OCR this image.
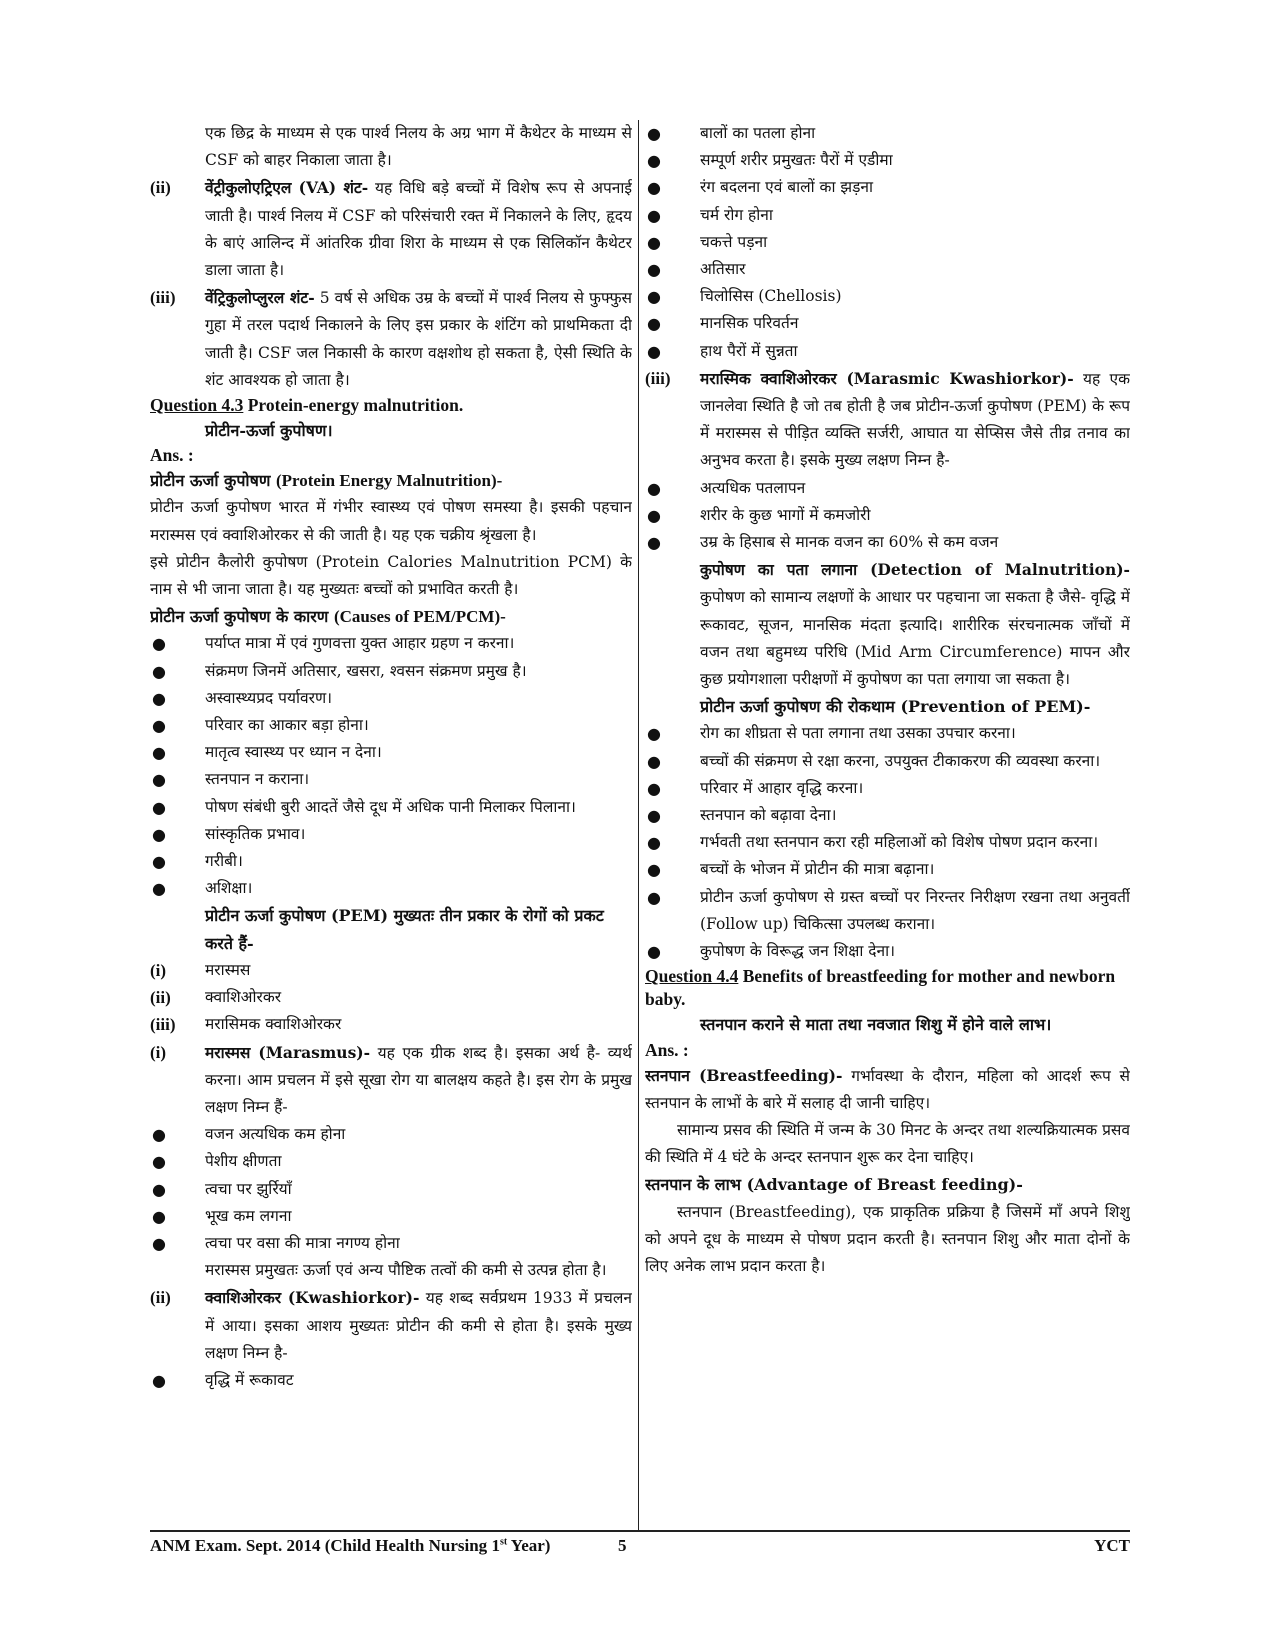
एक छिद्र के माध्यम से एक पार्श्व निलय के अग्र भाग में कैथेटर के माध्यम से CSF को बाहर निकाला जाता है।

(ii) वेंट्रीकुलोएट्रिएल (VA) शंट- यह विधि बड़े बच्चों में विशेष रूप से अपनाई जाती है। पार्श्व निलय में CSF को परिसंचारी रक्त में निकालने के लिए, हृदय के बाएं आलिन्द में आंतरिक ग्रीवा शिरा के माध्यम से एक सिलिकॉन कैथेटर डाला जाता है।
(iii) वेंट्रिकुलोप्लुरल शंट- 5 वर्ष से अधिक उम्र के बच्चों में पार्श्व निलय से फुफ्फुस गुहा में तरल पदार्थ निकालने के लिए इस प्रकार के शंटिंग को प्राथमिकता दी जाती है। CSF जल निकासी के कारण वक्षशोथ हो सकता है, ऐसी स्थिति के शंट आवश्यक हो जाता है।

Question 4.3 Protein-energy malnutrition.

प्रोटीन-ऊर्जा कुपोषण।

Ans. :

प्रोटीन ऊर्जा कुपोषण (Protein Energy Malnutrition)-

प्रोटीन ऊर्जा कुपोषण भारत में गंभीर स्वास्थ्य एवं पोषण समस्या है। इसकी पहचान मरास्मस एवं क्वाशिओरकर से की जाती है। यह एक चक्रीय श्रृंखला है।

इसे प्रोटीन कैलोरी कुपोषण (Protein Calories Malnutrition PCM) के नाम से भी जाना जाता है। यह मुख्यतः बच्चों को प्रभावित करती है।

प्रोटीन ऊर्जा कुपोषण के कारण (Causes of PEM/PCM)-

●	पर्याप्त मात्रा में एवं गुणवत्ता युक्त आहार ग्रहण न करना।
●	संक्रमण जिनमें अतिसार, खसरा, श्वसन संक्रमण प्रमुख है।
●	अस्वास्थ्यप्रद पर्यावरण।
●	परिवार का आकार बड़ा होना।
●	मातृत्व स्वास्थ्य पर ध्यान न देना।
●	स्तनपान न कराना।
●	पोषण संबंधी बुरी आदतें जैसे दूध में अधिक पानी मिलाकर पिलाना।
●	सांस्कृतिक प्रभाव।
●	गरीबी।
●	अशिक्षा।

प्रोटीन ऊर्जा कुपोषण (PEM) मुख्यतः तीन प्रकार के रोगों को प्रकट करते हैं-

(i)	मरास्मस
(ii) क्वाशिओरकर
(iii) मरासिमक क्वाशिओरकर
(i)	मरास्मस (Marasmus)- यह एक ग्रीक शब्द है। इसका अर्थ है- व्यर्थ करना। आम प्रचलन में इसे सूखा रोग या बालक्षय कहते है। इस रोग के प्रमुख लक्षण निम्न हैं-
●	वजन अत्यधिक कम होना
●	पेशीय क्षीणता
●	त्वचा पर झुर्रियाँ
●	भूख कम लगना
●	त्वचा पर वसा की मात्रा नगण्य होना

मरास्मस प्रमुखतः ऊर्जा एवं अन्य पौष्टिक तत्वों की कमी से उत्पन्न होता है।

(ii) क्वाशिओरकर (Kwashiorkor)- यह शब्द सर्वप्रथम 1933 में प्रचलन में आया। इसका आशय मुख्यतः प्रोटीन की कमी से होता है। इसके मुख्य लक्षण निम्न है-
●	वृद्धि में रूकावट
●	बालों का पतला होना
●	सम्पूर्ण शरीर प्रमुखतः पैरों में एडीमा
●	रंग बदलना एवं बालों का झड़ना
●	चर्म रोग होना
●	चकत्ते पड़ना
●	अतिसार
●	चिलोसिस (Chellosis)
●	मानसिक परिवर्तन
●	हाथ पैरों में सुन्नता
(iii) मरास्मिक क्वाशिओरकर (Marasmic Kwashiorkor)- यह एक जानलेवा स्थिति है जो तब होती है जब प्रोटीन-ऊर्जा कुपोषण (PEM) के रूप में मरास्मस से पीड़ित व्यक्ति सर्जरी, आघात या सेप्सिस जैसे तीव्र तनाव का अनुभव करता है। इसके मुख्य लक्षण निम्न है-
●	अत्यधिक पतलापन
●	शरीर के कुछ भागों में कमजोरी
●	उम्र के हिसाब से मानक वजन का 60% से कम वजन

कुपोषण का पता लगाना (Detection of Malnutrition)- कुपोषण को सामान्य लक्षणों के आधार पर पहचाना जा सकता है जैसे- वृद्धि में रूकावट, सूजन, मानसिक मंदता इत्यादि। शारीरिक संरचनात्मक जाँचों में वजन तथा बहुमध्य परिधि (Mid Arm Circumference) मापन और कुछ प्रयोगशाला परीक्षणों में कुपोषण का पता लगाया जा सकता है।

प्रोटीन ऊर्जा कुपोषण की रोकथाम (Prevention of PEM)-

●	रोग का शीघ्रता से पता लगाना तथा उसका उपचार करना।
●	बच्चों की संक्रमण से रक्षा करना, उपयुक्त टीकाकरण की व्यवस्था करना।
●	परिवार में आहार वृद्धि करना।
●	स्तनपान को बढ़ावा देना।
●	गर्भवती तथा स्तनपान करा रही महिलाओं को विशेष पोषण प्रदान करना।
●	बच्चों के भोजन में प्रोटीन की मात्रा बढ़ाना।
●	प्रोटीन ऊर्जा कुपोषण से ग्रस्त बच्चों पर निरन्तर निरीक्षण रखना तथा अनुवर्ती (Follow up) चिकित्सा उपलब्ध कराना।
●	कुपोषण के विरूद्ध जन शिक्षा देना।

Question 4.4 Benefits of breastfeeding for mother and newborn baby.

स्तनपान कराने से माता तथा नवजात शिशु में होने वाले लाभ।

Ans. :

स्तनपान (Breastfeeding)- गर्भावस्था के दौरान, महिला को आदर्श रूप से स्तनपान के लाभों के बारे में सलाह दी जानी चाहिए।

सामान्य प्रसव की स्थिति में जन्म के 30 मिनट के अन्दर तथा शल्यक्रियात्मक प्रसव की स्थिति में 4 घंटे के अन्दर स्तनपान शुरू कर देना चाहिए।

स्तनपान के लाभ (Advantage of Breast feeding)-

स्तनपान (Breastfeeding), एक प्राकृतिक प्रक्रिया है जिसमें माँ अपने शिशु को अपने दूध के माध्यम से पोषण प्रदान करती है। स्तनपान शिशु और माता दोनों के लिए अनेक लाभ प्रदान करता है।

ANM Exam. Sept. 2014 (Child Health Nursing 1st Year)	5	YCT
